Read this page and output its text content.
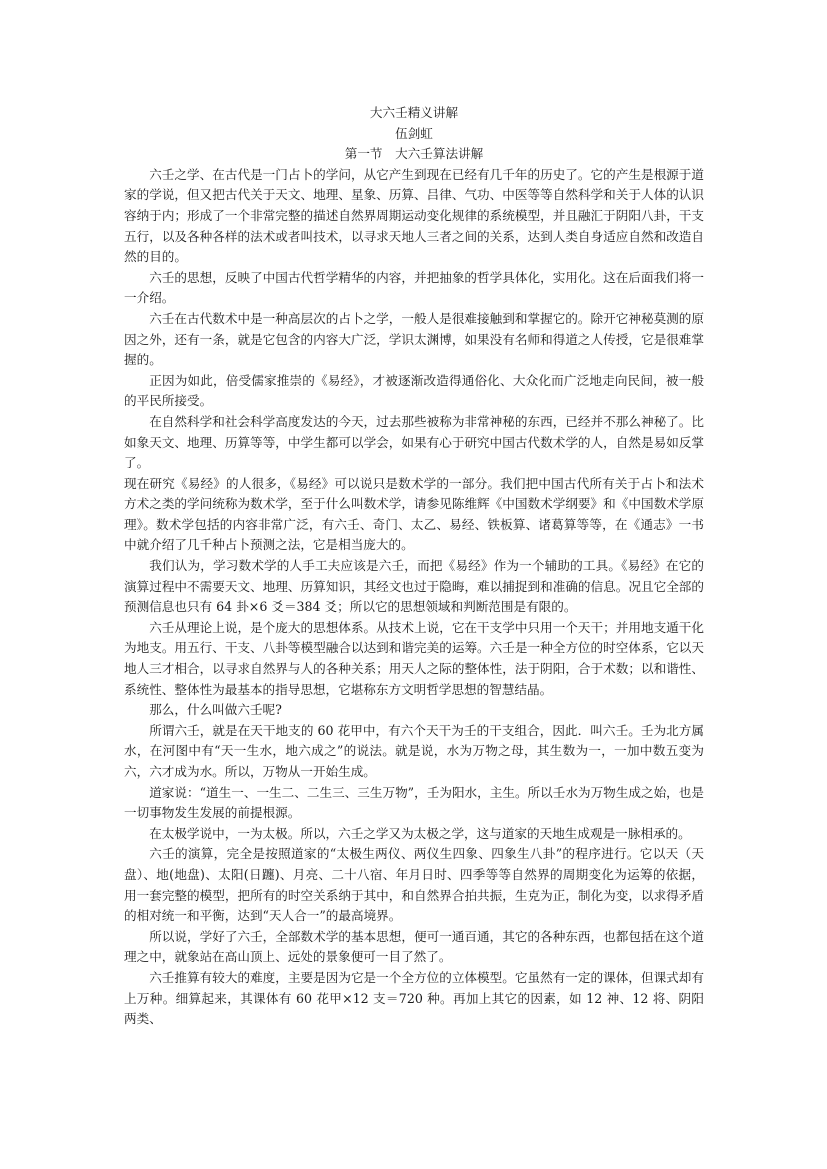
大六壬精义讲解

伍剑虹

第一节　大六壬算法讲解

六壬之学、在古代是一门占卜的学问，从它产生到现在已经有几千年的历史了。它的产生是根源于道家的学说，但又把古代关于天文、地理、星象、历算、吕律、气功、中医等等自然科学和关于人体的认识容纳于内；形成了一个非常完整的描述自然界周期运动变化规律的系统模型，并且融汇于阴阳八卦，干支五行，以及各种各样的法术或者叫技术，以寻求天地人三者之间的关系，达到人类自身适应自然和改造自然的目的。

六壬的思想，反映了中国古代哲学精华的内容，并把抽象的哲学具体化，实用化。这在后面我们将一一介绍。

六壬在古代数术中是一种高层次的占卜之学，一般人是很难接触到和掌握它的。除开它神秘莫测的原因之外，还有一条，就是它包含的内容大广泛，学识太渊博，如果没有名师和得道之人传授，它是很难掌握的。

正因为如此，倍受儒家推崇的《易经》，才被逐渐改造得通俗化、大众化而广泛地走向民间，被一般的平民所接受。

在自然科学和社会科学高度发达的今天，过去那些被称为非常神秘的东西，已经并不那么神秘了。比如象天文、地理、历算等等，中学生都可以学会，如果有心于研究中国古代数术学的人，自然是易如反掌了。

现在研究《易经》的人很多，《易经》可以说只是数术学的一部分。我们把中国古代所有关于占卜和法术方术之类的学问统称为数术学，至于什么叫数术学，请参见陈维辉《中国数术学纲要》和《中国数术学原理》。数术学包括的内容非常广泛，有六壬、奇门、太乙、易经、铁板算、诸葛算等等，在《通志》一书中就介绍了几千种占卜预测之法，它是相当庞大的。

我们认为，学习数术学的人手工夫应该是六壬，而把《易经》作为一个辅助的工具。《易经》在它的演算过程中不需要天文、地理、历算知识，其经文也过于隐晦，难以捕捉到和准确的信息。况且它全部的预测信息也只有 64 卦×6 爻＝384 爻；所以它的思想领域和判断范围是有限的。

六壬从理论上说，是个庞大的思想体系。从技术上说，它在干支学中只用一个天干；并用地支遁干化为地支。用五行、干支、八卦等模型融合以达到和谐完美的运筹。六壬是一种全方位的时空体系，它以天地人三才相合，以寻求自然界与人的各种关系；用天人之际的整体性，法于阴阳，合于术数；以和谐性、系统性、整体性为最基本的指导思想，它堪称东方文明哲学思想的智慧结晶。

那么，什么叫做六壬呢?

所谓六壬，就是在天干地支的 60 花甲中，有六个天干为壬的干支组合，因此．叫六壬。壬为北方属水，在河图中有“天一生水，地六成之”的说法。就是说，水为万物之母，其生数为一，一加中数五变为六，六才成为水。所以，万物从一开始生成。

道家说：“道生一、一生二、二生三、三生万物”，壬为阳水，主生。所以壬水为万物生成之始，也是一切事物发生发展的前提根源。

在太极学说中，一为太极。所以，六壬之学又为太极之学，这与道家的天地生成观是一脉相承的。

六壬的演算，完全是按照道家的“太极生两仪、两仪生四象、四象生八卦”的程序进行。它以天（天盘）、地(地盘)、太阳(日躔)、月亮、二十八宿、年月日时、四季等等自然界的周期变化为运筹的依据，用一套完整的模型，把所有的时空关系纳于其中，和自然界合拍共振，生克为正，制化为变，以求得矛盾的相对统一和平衡，达到“天人合一”的最高境界。

所以说，学好了六壬，全部数术学的基本思想，便可一通百通，其它的各种东西，也都包括在这个道理之中，就象站在高山顶上、远处的景象便可一目了然了。

六壬推算有较大的难度，主要是因为它是一个全方位的立体模型。它虽然有一定的课体，但课式却有上万种。细算起来，其课体有 60 花甲×12 支＝720 种。再加上其它的因素，如 12 神、12 将、阴阳两类、
